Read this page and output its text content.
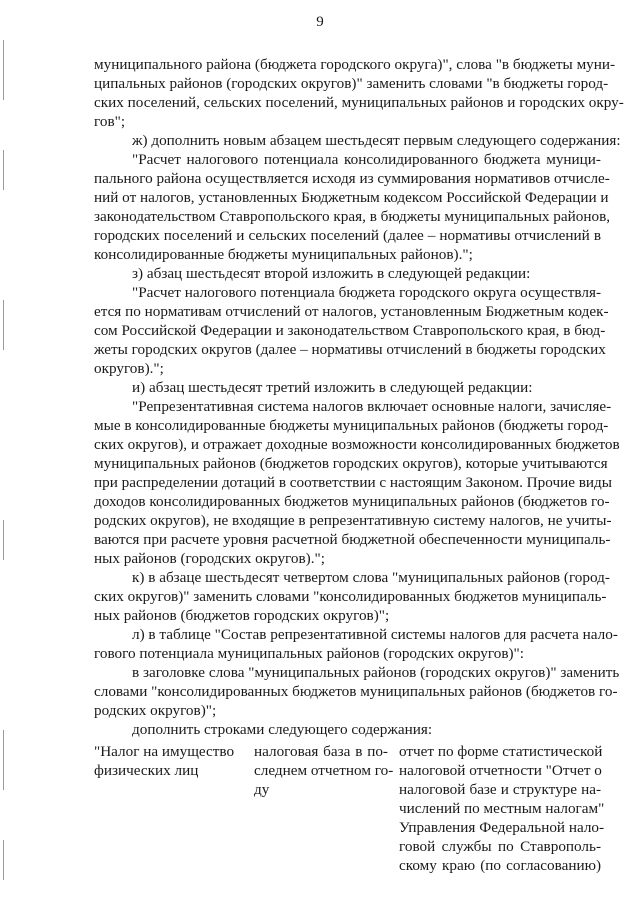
9
муниципального района (бюджета городского округа)", слова "в бюджеты муни-
ципальных районов (городских округов)" заменить словами "в бюджеты город-
ских поселений, сельских поселений, муниципальных районов и городских окру-
гов";
ж) дополнить новым абзацем шестьдесят первым следующего содержания:
"Расчет налогового потенциала консолидированного бюджета муници-
пального района осуществляется исходя из суммирования нормативов отчисле-
ний от налогов, установленных Бюджетным кодексом Российской Федерации и
законодательством Ставропольского края, в бюджеты муниципальных районов,
городских поселений и сельских поселений (далее – нормативы отчислений в
консолидированные бюджеты муниципальных районов).";
з) абзац шестьдесят второй изложить в следующей редакции:
"Расчет налогового потенциала бюджета городского округа осуществля-
ется по нормативам отчислений от налогов, установленным Бюджетным кодек-
сом Российской Федерации и законодательством Ставропольского края, в бюд-
жеты городских округов (далее – нормативы отчислений в бюджеты городских
округов).";
и) абзац шестьдесят третий изложить в следующей редакции:
"Репрезентативная система налогов включает основные налоги, зачисляе-
мые в консолидированные бюджеты муниципальных районов (бюджеты город-
ских округов), и отражает доходные возможности консолидированных бюджетов
муниципальных районов (бюджетов городских округов), которые учитываются
при распределении дотаций в соответствии с настоящим Законом. Прочие виды
доходов консолидированных бюджетов муниципальных районов (бюджетов го-
родских округов), не входящие в репрезентативную систему налогов, не учиты-
ваются при расчете уровня расчетной бюджетной обеспеченности муниципаль-
ных районов (городских округов).";
к) в абзаце шестьдесят четвертом слова "муниципальных районов (город-
ских округов)" заменить словами "консолидированных бюджетов муниципаль-
ных районов (бюджетов городских округов)";
л) в таблице "Состав репрезентативной системы налогов для расчета нало-
гового потенциала муниципальных районов (городских округов)":
в заголовке слова "муниципальных районов (городских округов)" заменить
словами "консолидированных бюджетов муниципальных районов (бюджетов го-
родских округов)";
дополнить строками следующего содержания:
"Налог на имущество
физических лиц
налоговая база в по-
следнем отчетном го-
ду
отчет по форме статистической
налоговой отчетности "Отчет о
налоговой базе и структуре на-
числений по местным налогам"
Управления Федеральной нало-
говой службы по Ставрополь-
скому краю (по согласованию)
